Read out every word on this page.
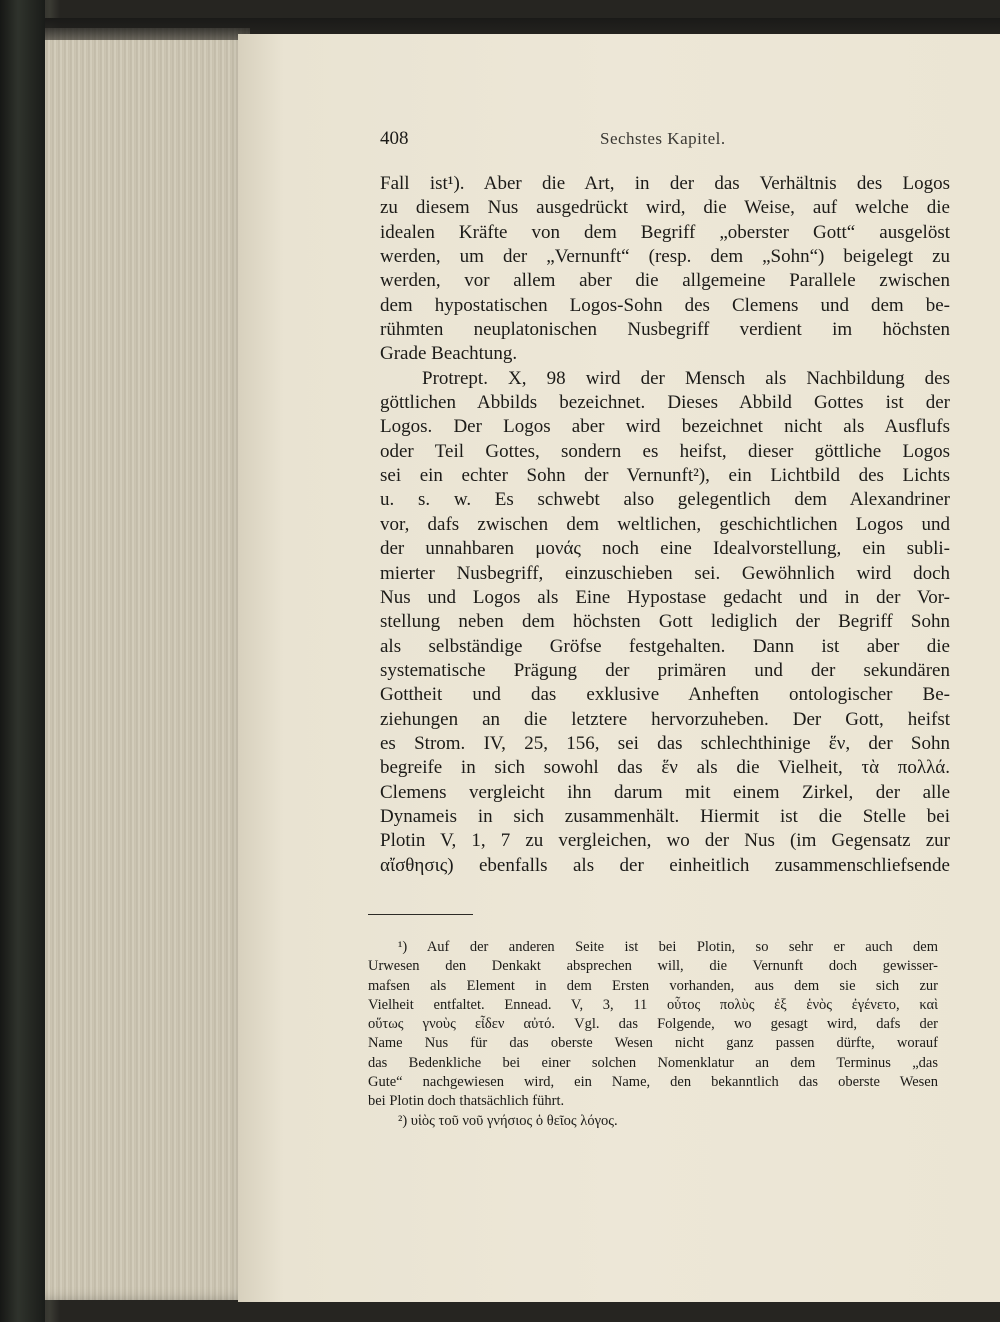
408	Sechstes Kapitel.
Fall ist¹). Aber die Art, in der das Verhältnis des Logos
zu diesem Nus ausgedrückt wird, die Weise, auf welche die
idealen Kräfte von dem Begriff „oberster Gott“ ausgelöst
werden, um der „Vernunft“ (resp. dem „Sohn“) beigelegt zu
werden, vor allem aber die allgemeine Parallele zwischen
dem hypostatischen Logos-Sohn des Clemens und dem be-
rühmten neuplatonischen Nusbegriff verdient im höchsten
Grade Beachtung.
Protrept. X, 98 wird der Mensch als Nachbildung des
göttlichen Abbilds bezeichnet. Dieses Abbild Gottes ist der
Logos. Der Logos aber wird bezeichnet nicht als Ausflufs
oder Teil Gottes, sondern es heifst, dieser göttliche Logos
sei ein echter Sohn der Vernunft²), ein Lichtbild des Lichts
u. s. w. Es schwebt also gelegentlich dem Alexandriner
vor, dafs zwischen dem weltlichen, geschichtlichen Logos und
der unnahbaren μονάς noch eine Idealvorstellung, ein subli-
mierter Nusbegriff, einzuschieben sei. Gewöhnlich wird doch
Nus und Logos als Eine Hypostase gedacht und in der Vor-
stellung neben dem höchsten Gott lediglich der Begriff Sohn
als selbständige Gröfse festgehalten. Dann ist aber die
systematische Prägung der primären und der sekundären
Gottheit und das exklusive Anheften ontologischer Be-
ziehungen an die letztere hervorzuheben. Der Gott, heifst
es Strom. IV, 25, 156, sei das schlechthinige ἕν, der Sohn
begreife in sich sowohl das ἕν als die Vielheit, τὰ πολλά.
Clemens vergleicht ihn darum mit einem Zirkel, der alle
Dynameis in sich zusammenhält. Hiermit ist die Stelle bei
Plotin V, 1, 7 zu vergleichen, wo der Nus (im Gegensatz zur
αἴσθησις) ebenfalls als der einheitlich zusammenschliefsende
¹) Auf der anderen Seite ist bei Plotin, so sehr er auch dem
Urwesen den Denkakt absprechen will, die Vernunft doch gewisser-
mafsen als Element in dem Ersten vorhanden, aus dem sie sich zur
Vielheit entfaltet. Ennead. V, 3, 11 οὗτος πολὺς ἐξ ἑνὸς ἐγένετο, καὶ
οὕτως γνοὺς εἶδεν αὐτό. Vgl. das Folgende, wo gesagt wird, dafs der
Name Nus für das oberste Wesen nicht ganz passen dürfte, worauf
das Bedenkliche bei einer solchen Nomenklatur an dem Terminus „das
Gute“ nachgewiesen wird, ein Name, den bekanntlich das oberste Wesen
bei Plotin doch thatsächlich führt.
²) υἱὸς τοῦ νοῦ γνήσιος ὁ θεῖος λόγος.
